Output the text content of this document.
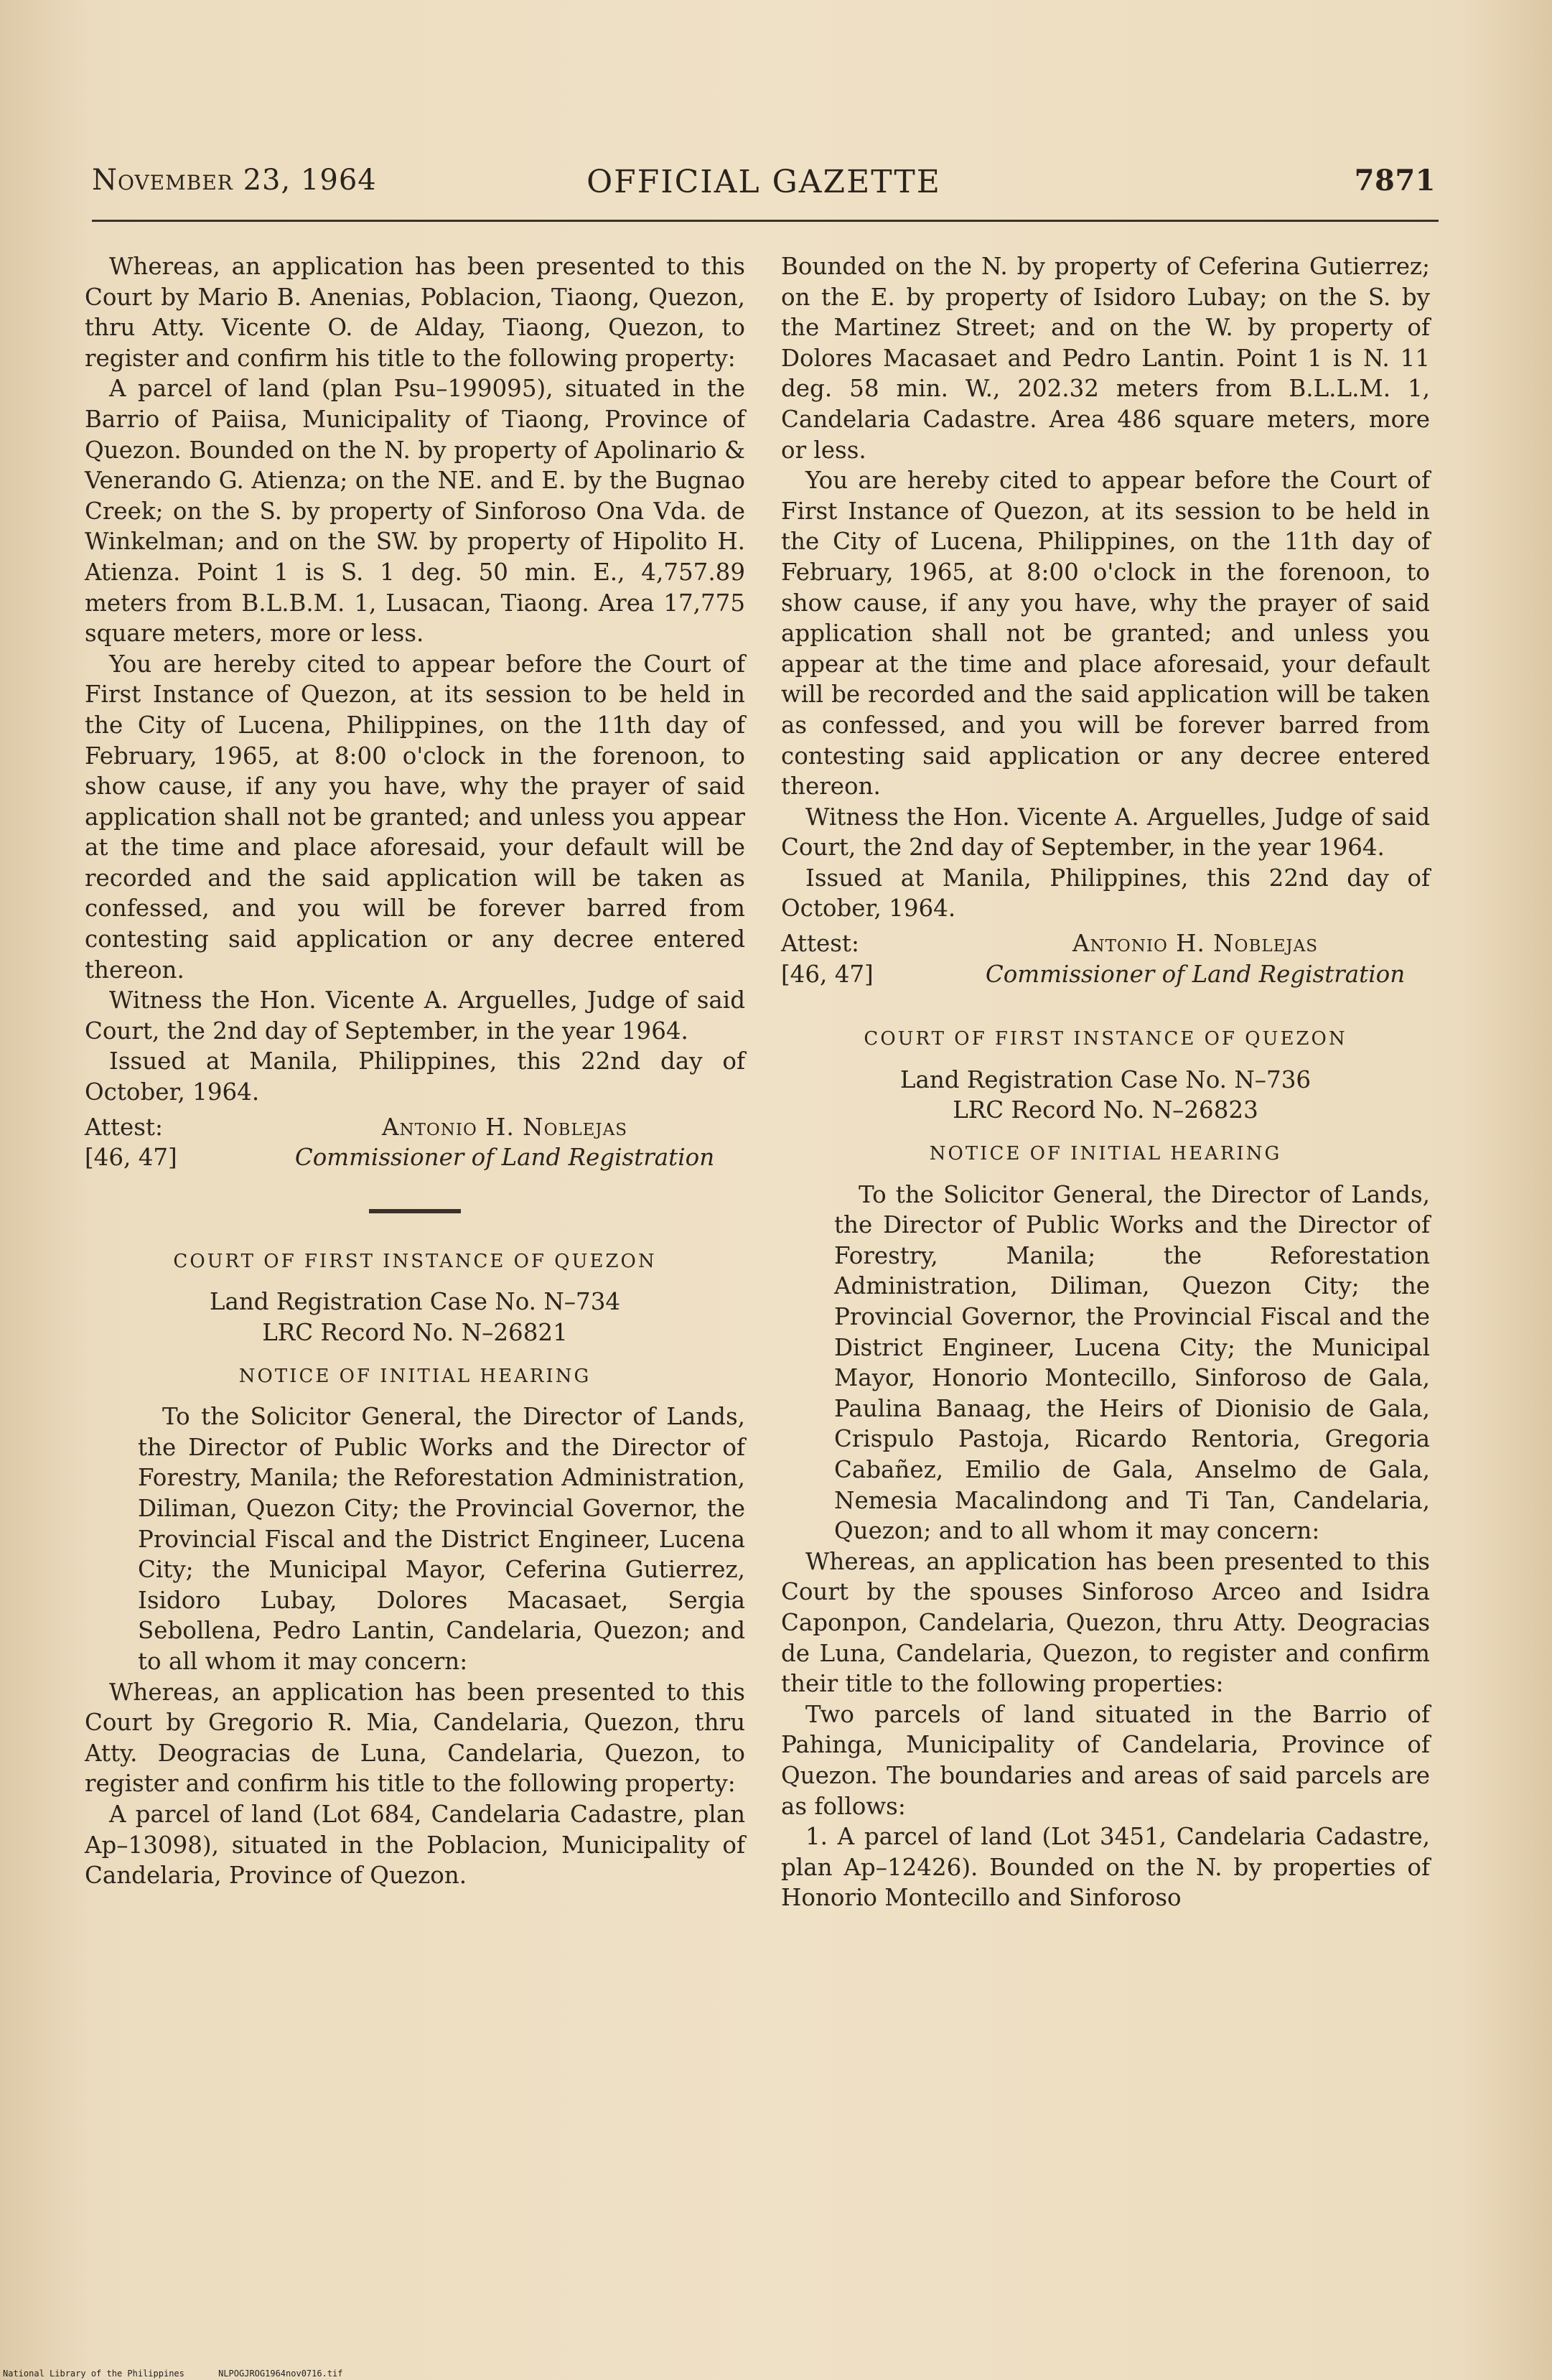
November 23, 1964	OFFICIAL GAZETTE	7871

Whereas, an application has been presented to this Court by Mario B. Anenias, Poblacion, Tiaong, Quezon, thru Atty. Vicente O. de Alday, Tiaong, Quezon, to register and confirm his title to the following property:

A parcel of land (plan Psu–199095), situated in the Barrio of Paiisa, Municipality of Tiaong, Province of Quezon. Bounded on the N. by property of Apolinario & Venerando G. Atienza; on the NE. and E. by the Bugnao Creek; on the S. by property of Sinforoso Ona Vda. de Winkelman; and on the SW. by property of Hipolito H. Atienza. Point 1 is S. 1 deg. 50 min. E., 4,757.89 meters from B.L.B.M. 1, Lusacan, Tiaong. Area 17,775 square meters, more or less.

You are hereby cited to appear before the Court of First Instance of Quezon, at its session to be held in the City of Lucena, Philippines, on the 11th day of February, 1965, at 8:00 o'clock in the forenoon, to show cause, if any you have, why the prayer of said application shall not be granted; and unless you appear at the time and place aforesaid, your default will be recorded and the said application will be taken as confessed, and you will be forever barred from contesting said application or any decree entered thereon.

Witness the Hon. Vicente A. Arguelles, Judge of said Court, the 2nd day of September, in the year 1964.

Issued at Manila, Philippines, this 22nd day of October, 1964.

Attest:
[46, 47]
Antonio H. Noblejas
Commissioner of Land Registration
COURT OF FIRST INSTANCE OF QUEZON

Land Registration Case No. N–734

LRC Record No. N–26821

NOTICE OF INITIAL HEARING

To the Solicitor General, the Director of Lands, the Director of Public Works and the Director of Forestry, Manila; the Reforestation Administration, Diliman, Quezon City; the Provincial Governor, the Provincial Fiscal and the District Engineer, Lucena City; the Municipal Mayor, Ceferina Gutierrez, Isidoro Lubay, Dolores Macasaet, Sergia Sebollena, Pedro Lantin, Candelaria, Quezon; and to all whom it may concern:

Whereas, an application has been presented to this Court by Gregorio R. Mia, Candelaria, Quezon, thru Atty. Deogracias de Luna, Candelaria, Quezon, to register and confirm his title to the following property:

A parcel of land (Lot 684, Candelaria Cadastre, plan Ap–13098), situated in the Poblacion, Municipality of Candelaria, Province of Quezon.

Bounded on the N. by property of Ceferina Gutierrez; on the E. by property of Isidoro Lubay; on the S. by the Martinez Street; and on the W. by property of Dolores Macasaet and Pedro Lantin. Point 1 is N. 11 deg. 58 min. W., 202.32 meters from B.L.L.M. 1, Candelaria Cadastre. Area 486 square meters, more or less.

You are hereby cited to appear before the Court of First Instance of Quezon, at its session to be held in the City of Lucena, Philippines, on the 11th day of February, 1965, at 8:00 o'clock in the forenoon, to show cause, if any you have, why the prayer of said application shall not be granted; and unless you appear at the time and place aforesaid, your default will be recorded and the said application will be taken as confessed, and you will be forever barred from contesting said application or any decree entered thereon.

Witness the Hon. Vicente A. Arguelles, Judge of said Court, the 2nd day of September, in the year 1964.

Issued at Manila, Philippines, this 22nd day of October, 1964.

Attest:
[46, 47]
Antonio H. Noblejas
Commissioner of Land Registration
COURT OF FIRST INSTANCE OF QUEZON

Land Registration Case No. N–736

LRC Record No. N–26823

NOTICE OF INITIAL HEARING

To the Solicitor General, the Director of Lands, the Director of Public Works and the Director of Forestry, Manila; the Reforestation Administration, Diliman, Quezon City; the Provincial Governor, the Provincial Fiscal and the District Engineer, Lucena City; the Municipal Mayor, Honorio Montecillo, Sinforoso de Gala, Paulina Banaag, the Heirs of Dionisio de Gala, Crispulo Pastoja, Ricardo Rentoria, Gregoria Cabañez, Emilio de Gala, Anselmo de Gala, Nemesia Macalindong and Ti Tan, Candelaria, Quezon; and to all whom it may concern:

Whereas, an application has been presented to this Court by the spouses Sinforoso Arceo and Isidra Caponpon, Candelaria, Quezon, thru Atty. Deogracias de Luna, Candelaria, Quezon, to register and confirm their title to the following properties:

Two parcels of land situated in the Barrio of Pahinga, Municipality of Candelaria, Province of Quezon. The boundaries and areas of said parcels are as follows:

1. A parcel of land (Lot 3451, Candelaria Cadastre, plan Ap–12426). Bounded on the N. by properties of Honorio Montecillo and Sinforoso

National Library of the Philippines	NLPOGJROG1964nov0716.tif
